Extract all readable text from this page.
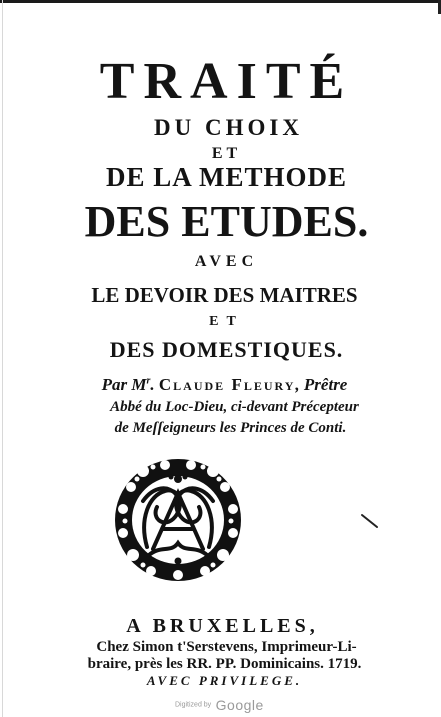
TRAITÉ
DU CHOIX
ET
DE LA METHODE
DES ETUDES.
AVEC
LE DEVOIR DES MAITRES
ET
DES DOMESTIQUES.
Par $M^r$. Claude Fleury, Prêtre
Abbé du Loc-Dieu, ci-devant Précepteur
de Meſſeigneurs les Princes de Conti.
A BRUXELLES,
Chez Simon t'Serstevens, Imprimeur-Li-
braire, près les RR. PP. Dominicains. 1719.
AVEC PRIVILEGE.
Digitized by Google
